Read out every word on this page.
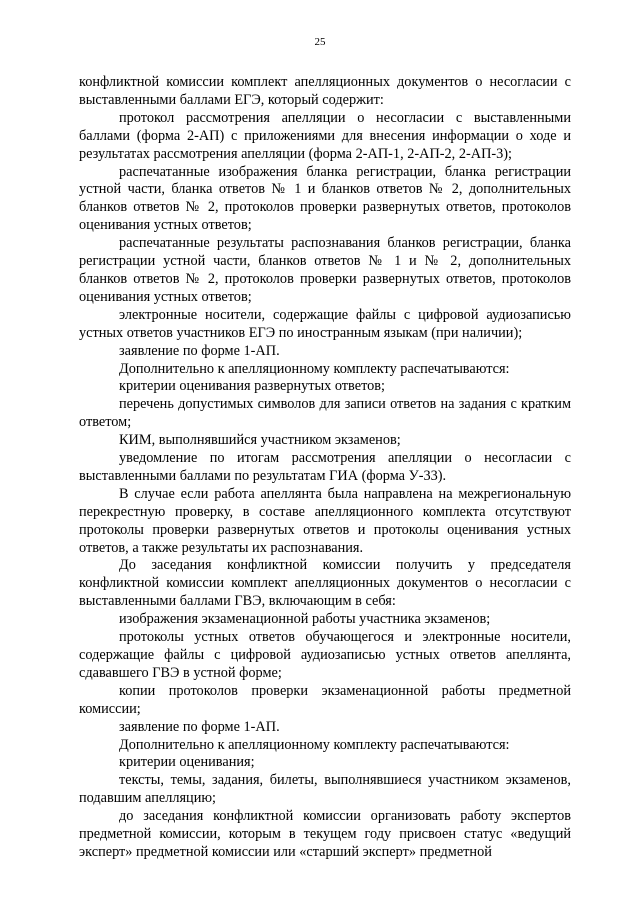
25

конфликтной комиссии комплект апелляционных документов о несогласии с выставленными баллами ЕГЭ, который содержит:

протокол рассмотрения апелляции о несогласии с выставленными баллами (форма 2-АП) с приложениями для внесения информации о ходе и результатах рассмотрения апелляции (форма 2-АП-1, 2-АП-2, 2-АП-3);

распечатанные изображения бланка регистрации, бланка регистрации устной части, бланка ответов № 1 и бланков ответов № 2, дополнительных бланков ответов № 2, протоколов проверки развернутых ответов, протоколов оценивания устных ответов;

распечатанные результаты распознавания бланков регистрации, бланка регистрации устной части, бланков ответов № 1 и № 2, дополнительных бланков ответов № 2, протоколов проверки развернутых ответов, протоколов оценивания устных ответов;

электронные носители, содержащие файлы с цифровой аудиозаписью устных ответов участников ЕГЭ по иностранным языкам (при наличии);

заявление по форме 1-АП.

Дополнительно к апелляционному комплекту распечатываются:

критерии оценивания развернутых ответов;

перечень допустимых символов для записи ответов на задания с кратким ответом;

КИМ, выполнявшийся участником экзаменов;

уведомление по итогам рассмотрения апелляции о несогласии с выставленными баллами по результатам ГИА (форма У-33).

В случае если работа апеллянта была направлена на межрегиональную перекрестную проверку, в составе апелляционного комплекта отсутствуют протоколы проверки развернутых ответов и протоколы оценивания устных ответов, а также результаты их распознавания.

До заседания конфликтной комиссии получить у председателя конфликтной комиссии комплект апелляционных документов о несогласии с выставленными баллами ГВЭ, включающим в себя:

изображения экзаменационной работы участника экзаменов;

протоколы устных ответов обучающегося и электронные носители, содержащие файлы с цифровой аудиозаписью устных ответов апеллянта, сдававшего ГВЭ в устной форме;

копии протоколов проверки экзаменационной работы предметной комиссии;

заявление по форме 1-АП.

Дополнительно к апелляционному комплекту распечатываются:

критерии оценивания;

тексты, темы, задания, билеты, выполнявшиеся участником экзаменов, подавшим апелляцию;

до заседания конфликтной комиссии организовать работу экспертов предметной комиссии, которым в текущем году присвоен статус «ведущий эксперт» предметной комиссии или «старший эксперт» предметной
